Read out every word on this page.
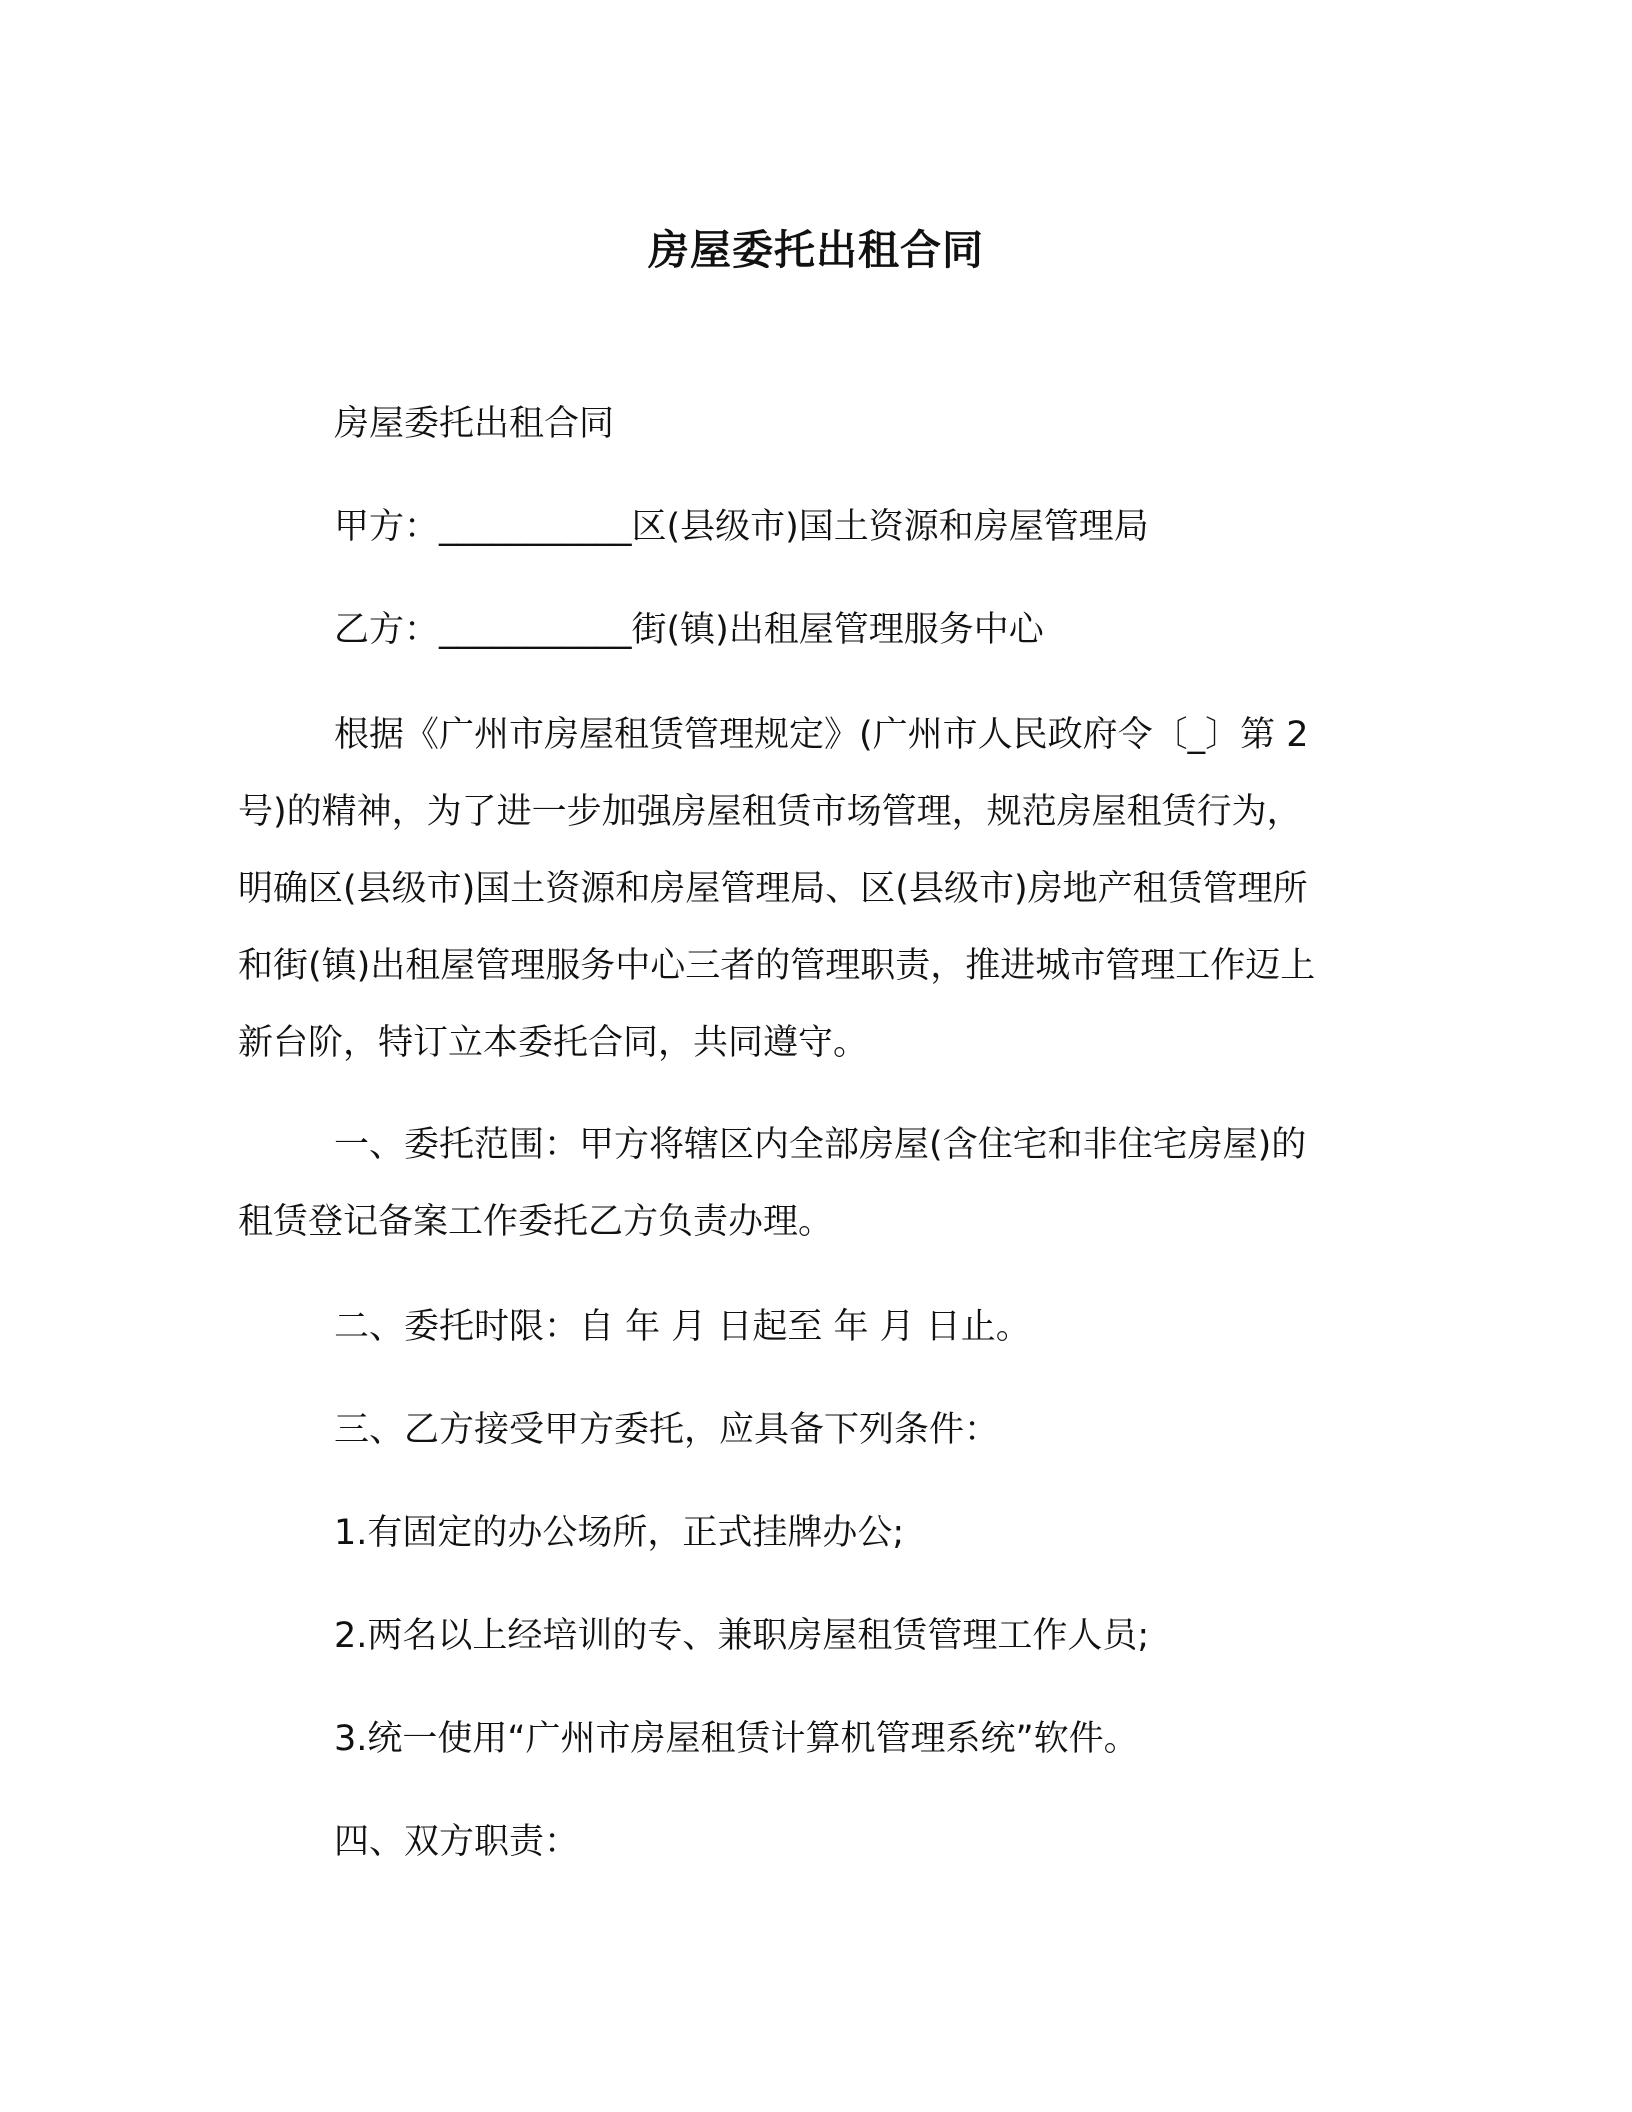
房屋委托出租合同
房屋委托出租合同
甲方：___________区(县级市)国土资源和房屋管理局
乙方：___________街(镇)出租屋管理服务中心
根据《广州市房屋租赁管理规定》(广州市人民政府令〔_〕第 2
号)的精神，为了进一步加强房屋租赁市场管理，规范房屋租赁行为，
明确区(县级市)国土资源和房屋管理局、区(县级市)房地产租赁管理所
和街(镇)出租屋管理服务中心三者的管理职责，推进城市管理工作迈上
新台阶，特订立本委托合同，共同遵守。
一、委托范围：甲方将辖区内全部房屋(含住宅和非住宅房屋)的
租赁登记备案工作委托乙方负责办理。
二、委托时限：自 年 月 日起至 年 月 日止。
三、乙方接受甲方委托，应具备下列条件：
1.有固定的办公场所，正式挂牌办公;
2.两名以上经培训的专、兼职房屋租赁管理工作人员;
3.统一使用“广州市房屋租赁计算机管理系统”软件。
四、双方职责：
